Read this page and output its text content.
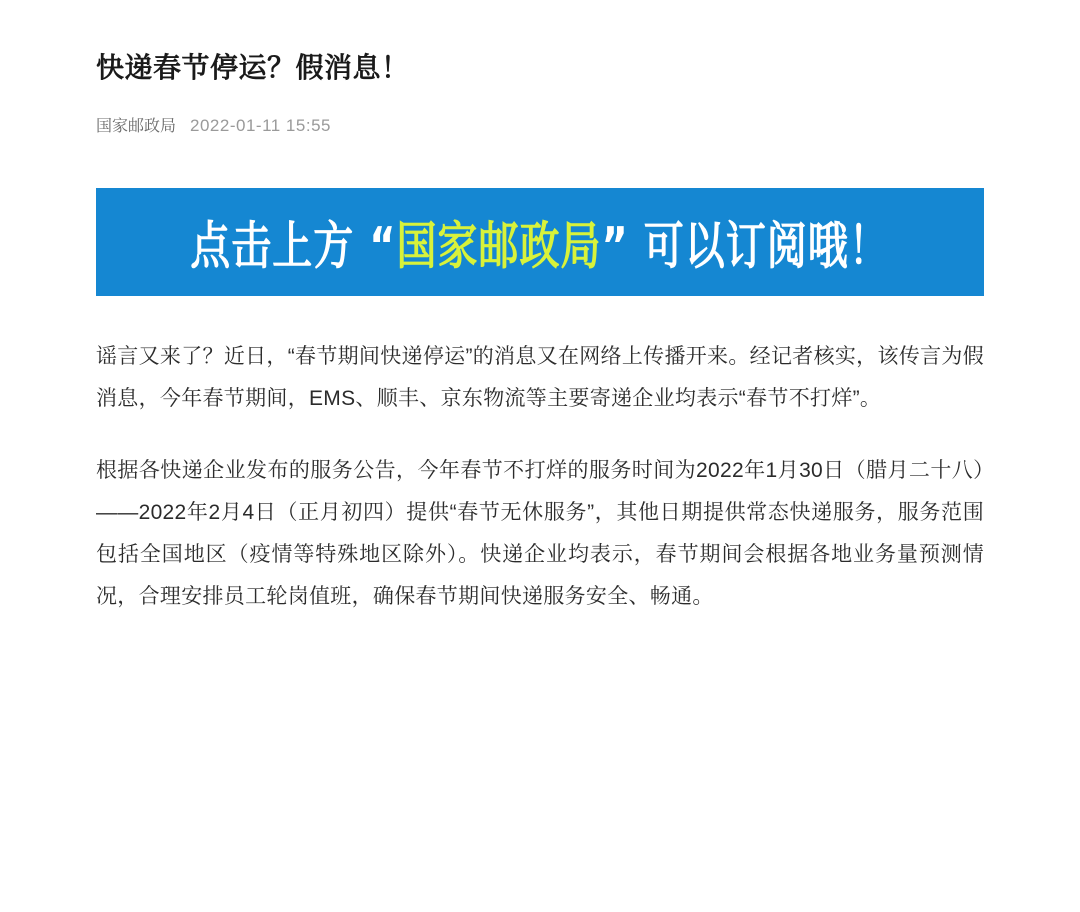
快递春节停运？假消息！
国家邮政局 2022-01-11 15:55
点击上方 “国家邮政局” 可以订阅哦！

谣言又来了？近日，“春节期间快递停运”的消息又在网络上传播开来。经记者核实，该传言为假消息，今年春节期间，EMS、顺丰、京东物流等主要寄递企业均表示“春节不打烊”。

根据各快递企业发布的服务公告，今年春节不打烊的服务时间为2022年1月30日（腊月二十八）——2022年2月4日（正月初四）提供“春节无休服务”，其他日期提供常态快递服务，服务范围包括全国地区（疫情等特殊地区除外）。快递企业均表示，春节期间会根据各地业务量预测情况，合理安排员工轮岗值班，确保春节期间快递服务安全、畅通。
